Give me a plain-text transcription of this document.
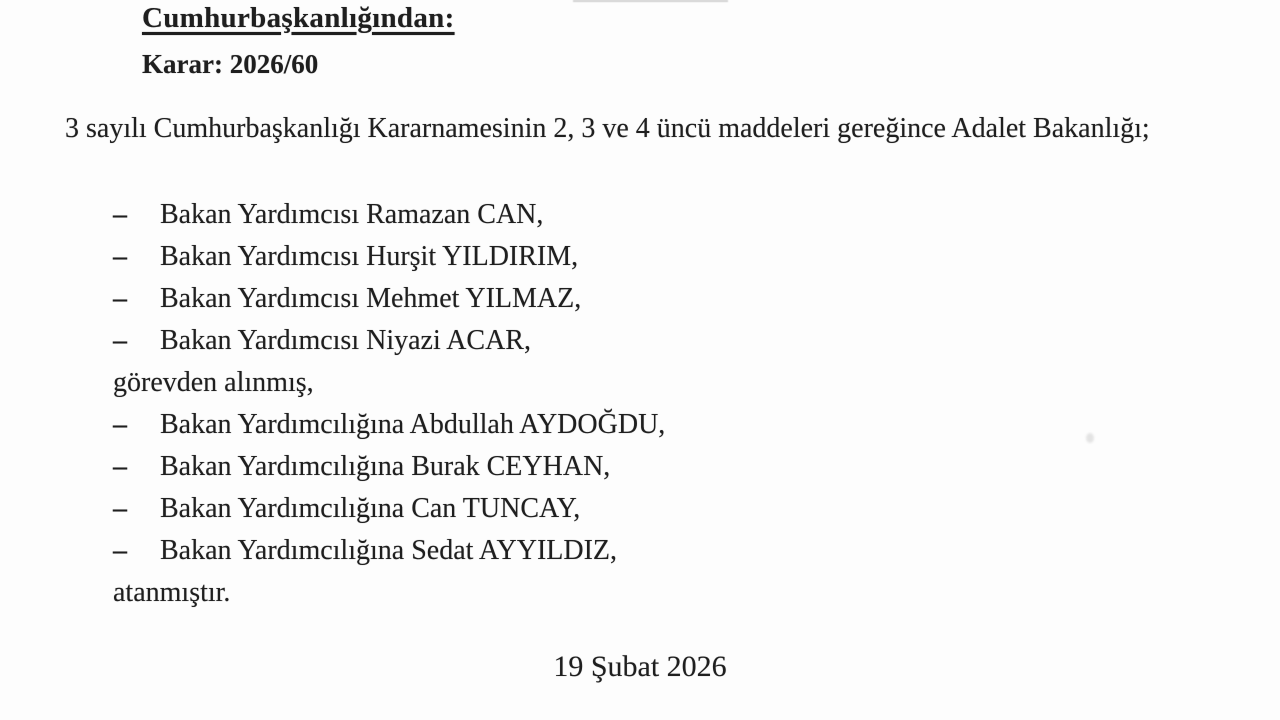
Cumhurbaşkanlığından:
Karar: 2026/60
3 sayılı Cumhurbaşkanlığı Kararnamesinin 2, 3 ve 4 üncü maddeleri gereğince Adalet Bakanlığı;
–	Bakan Yardımcısı Ramazan CAN,
–	Bakan Yardımcısı Hurşit YILDIRIM,
–	Bakan Yardımcısı Mehmet YILMAZ,
–	Bakan Yardımcısı Niyazi ACAR,
görevden alınmış,
–	Bakan Yardımcılığına Abdullah AYDOĞDU,
–	Bakan Yardımcılığına Burak CEYHAN,
–	Bakan Yardımcılığına Can TUNCAY,
–	Bakan Yardımcılığına Sedat AYYILDIZ,
atanmıştır.
19 Şubat 2026
